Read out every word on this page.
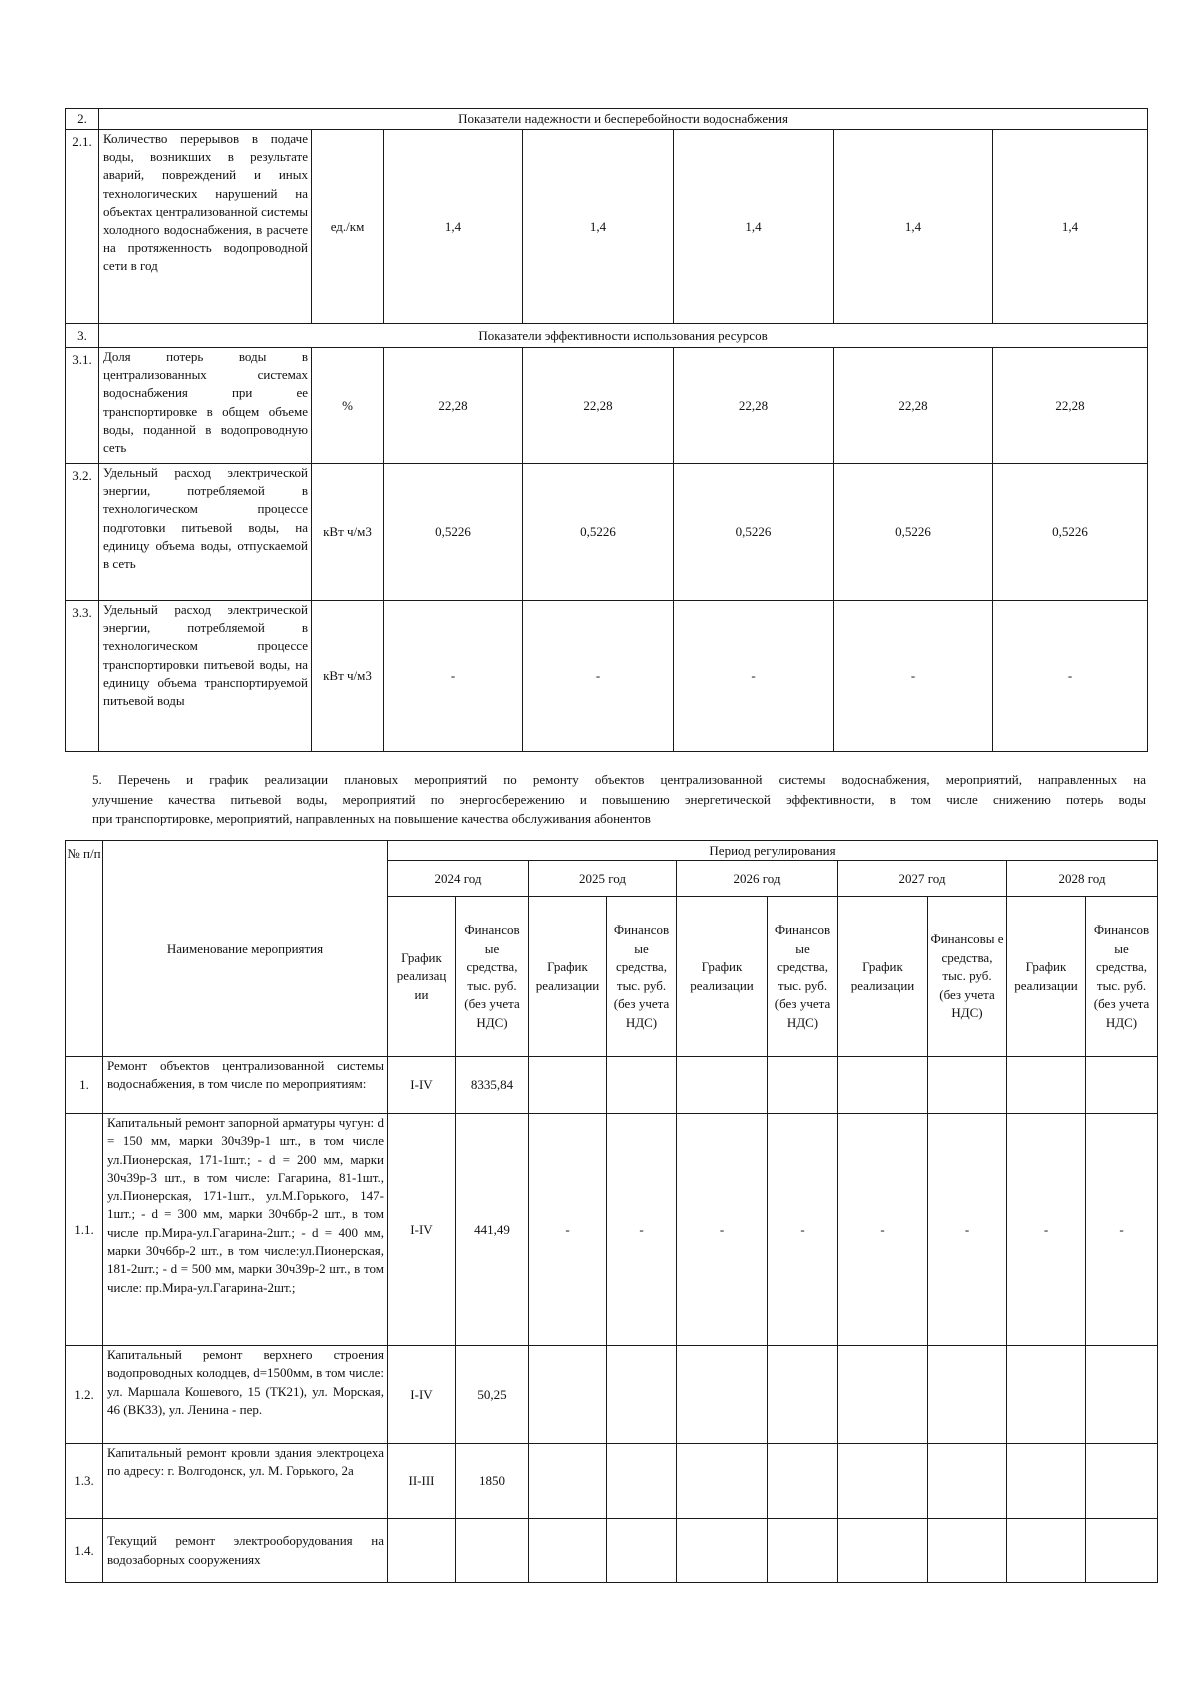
2.	Показатели надежности и бесперебойности водоснабжения						
2.1.	Количество перерывов в подаче воды, возникших в результате аварий, повреждений и иных технологических нарушений на объектах централизованной системы холодного водоснабжения, в расчете на протяженность водопроводной сети в год	ед./км	1,4	1,4	1,4	1,4	1,4
3.	Показатели эффективности использования ресурсов						
3.1.	Доля потерь воды в централизованных системах водоснабжения при ее транспортировке в общем объеме воды, поданной в водопроводную сеть	%	22,28	22,28	22,28	22,28	22,28
3.2.	Удельный расход электрической энергии, потребляемой в технологическом процессе подготовки питьевой воды, на единицу объема воды, отпускаемой в сеть	кВт ч/м3	0,5226	0,5226	0,5226	0,5226	0,5226
3.3.	Удельный расход электрической энергии, потребляемой в технологическом процессе транспортировки питьевой воды, на единицу объема транспортируемой питьевой воды	кВт ч/м3	-	-	-	-	-
5. Перечень и график реализации плановых мероприятий по ремонту объектов централизованной системы водоснабжения, мероприятий, направленных на
улучшение качества питьевой воды, мероприятий по энергосбережению и повышению энергетической эффективности, в том числе снижению потерь воды
при транспортировке, мероприятий, направленных на повышение качества обслуживания абонентов
№ п/п	Наименование мероприятия	Период регулирования									
		2024 год		2025 год		2026 год		2027 год		2028 год	
		График реализац ии	Финансов ые средства, тыс. руб. (без учета НДС)	График реализации	Финансов ые средства, тыс. руб. (без учета НДС)	График реализации	Финансов ые средства, тыс. руб. (без учета НДС)	График реализации	Финансовы е средства, тыс. руб. (без учета НДС)	График реализации	Финансов ые средства, тыс. руб. (без учета НДС)
1.	Ремонт объектов централизованной системы водоснабжения, в том числе по мероприятиям:	I-IV	8335,84								
1.1.	Капитальный ремонт запорной арматуры чугун: d = 150 мм, марки 30ч39р-1 шт., в том числе ул.Пионерская, 171-1шт.; - d = 200 мм, марки 30ч39р-3 шт., в том числе: Гагарина, 81-1шт., ул.Пионерская, 171-1шт., ул.М.Горького, 147-1шт.; - d = 300 мм, марки 30ч6бр-2 шт., в том числе пр.Мира-ул.Гагарина-2шт.; - d = 400 мм, марки 30ч6бр-2 шт., в том числе:ул.Пионерская, 181-2шт.; - d = 500 мм, марки 30ч39р-2 шт., в том числе: пр.Мира-ул.Гагарина-2шт.;	I-IV	441,49	-	-	-	-	-	-	-	-
1.2.	Капитальный ремонт верхнего строения водопроводных колодцев, d=1500мм, в том числе: ул. Маршала Кошевого, 15 (ТК21), ул. Морская, 46 (ВК33), ул. Ленина - пер.	I-IV	50,25								
1.3.	Капитальный ремонт кровли здания электроцеха по адресу: г. Волгодонск, ул. М. Горького, 2а	II-III	1850								
1.4.	Текущий ремонт электрооборудования на водозаборных сооружениях										
